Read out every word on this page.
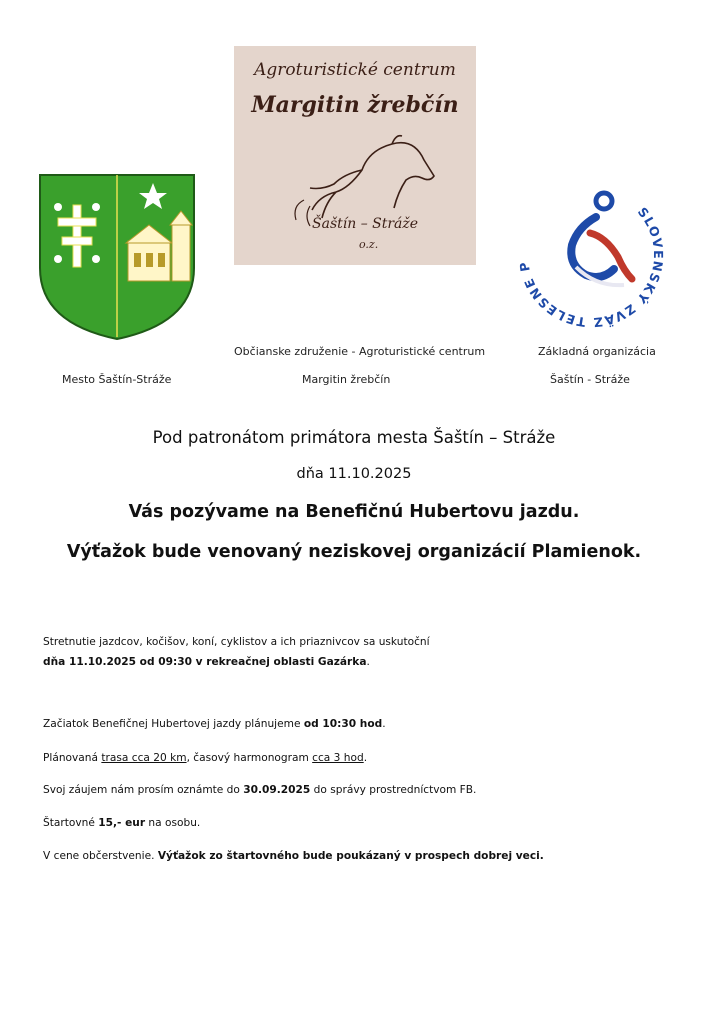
Agroturistické centrum
Margitin žrebčín
Šaštín – Stráže
o.z.
SLOVENSKÝ ZVÄZ TELESNE P
Mesto Šaštín-Stráže
Občianske združenie - Agroturistické centrum
Margitin žrebčín
Základná organizácia
Šaštín - Stráže
Pod patronátom primátora mesta Šaštín – Stráže
dňa 11.10.2025
Vás pozývame na Benefičnú Hubertovu jazdu.
Výťažok bude venovaný neziskovej organizácií Plamienok.
Stretnutie jazdcov, kočišov, koní, cyklistov a ich priaznivcov sa uskutoční
dňa 11.10.2025 od 09:30 v rekreačnej oblasti Gazárka.
Začiatok Benefičnej Hubertovej jazdy plánujeme od 10:30 hod.
Plánovaná trasa cca 20 km, časový harmonogram cca 3 hod.
Svoj záujem nám prosím oznámte do 30.09.2025 do správy prostredníctvom FB.
Štartovné 15,- eur na osobu.
V cene občerstvenie. Výťažok zo štartovného bude poukázaný v prospech dobrej veci.
